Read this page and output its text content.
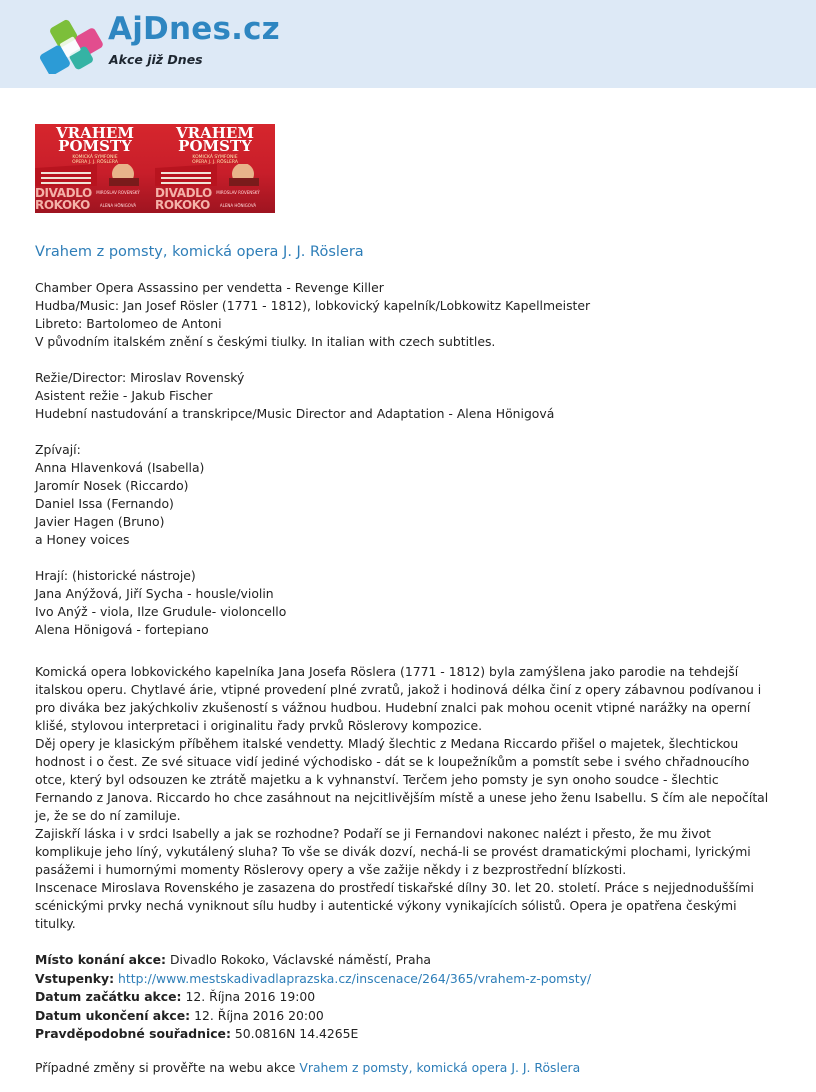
AjDnes.cz
Akce již Dnes
VRAHEM
POMSTY
KOMICKÁ SYMFONIE
OPERA J. J. RÖSLERA
DIVADLO
ROKOKO
MIROSLAV ROVENSKÝ
ALENA HÖNIGOVÁ
VRAHEM
POMSTY
KOMICKÁ SYMFONIE
OPERA J. J. RÖSLERA
DIVADLO
ROKOKO
MIROSLAV ROVENSKÝ
ALENA HÖNIGOVÁ
Vrahem z pomsty, komická opera J. J. Röslera
Chamber Opera Assassino per vendetta - Revenge Killer
Hudba/Music: Jan Josef Rösler (1771 - 1812), lobkovický kapelník/Lobkowitz Kapellmeister
Libreto: Bartolomeo de Antoni
V původním italském znění s českými tiulky. In italian with czech subtitles.
Režie/Director: Miroslav Rovenský
Asistent režie - Jakub Fischer
Hudební nastudování a transkripce/Music Director and Adaptation - Alena Hönigová
Zpívají:
Anna Hlavenková (Isabella)
Jaromír Nosek (Riccardo)
Daniel Issa (Fernando)
Javier Hagen (Bruno)
a Honey voices
Hrají: (historické nástroje)
Jana Anýžová, Jiří Sycha - housle/violin
Ivo Anýž - viola, Ilze Grudule- violoncello
Alena Hönigová - fortepiano

Komická opera lobkovického kapelníka Jana Josefa Röslera (1771 - 1812) byla zamýšlena jako parodie na tehdejší italskou operu. Chytlavé árie, vtipné provedení plné zvratů, jakož i hodinová délka činí z opery zábavnou podívanou i pro diváka bez jakýchkoliv zkušeností s vážnou hudbou. Hudební znalci pak mohou ocenit vtipné narážky na operní klišé, stylovou interpretaci i originalitu řady prvků Röslerovy kompozice.

Děj opery je klasickým příběhem italské vendetty. Mladý šlechtic z Medana Riccardo přišel o majetek, šlechtickou hodnost i o čest. Ze své situace vidí jediné východisko - dát se k loupežníkům a pomstít sebe i svého chřadnoucího otce, který byl odsouzen ke ztrátě majetku a k vyhnanství. Terčem jeho pomsty je syn onoho soudce - šlechtic Fernando z Janova. Riccardo ho chce zasáhnout na nejcitlivějším místě a unese jeho ženu Isabellu. S čím ale nepočítal je, že se do ní zamiluje.

Zajiskří láska i v srdci Isabelly a jak se rozhodne? Podaří se ji Fernandovi nakonec nalézt i přesto, že mu život komplikuje jeho líný, vykutálený sluha? To vše se divák dozví, nechá-li se provést dramatickými plochami, lyrickými pasážemi i humornými momenty Röslerovy opery a vše zažije někdy i z bezprostřední blízkosti.

Inscenace Miroslava Rovenského je zasazena do prostředí tiskařské dílny 30. let 20. století. Práce s nejjednoduššími scénickými prvky nechá vyniknout sílu hudby i autentické výkony vynikajících sólistů. Opera je opatřena českými titulky.

Místo konání akce: Divadlo Rokoko, Václavské náměstí, Praha
Vstupenky: http://www.mestskadivadlaprazska.cz/inscenace/264/365/vrahem-z-pomsty/
Datum začátku akce: 12. Října 2016 19:00
Datum ukončení akce: 12. Října 2016 20:00
Pravděpodobné souřadnice: 50.0816N 14.4265E
Případné změny si prověřte na webu akce Vrahem z pomsty, komická opera J. J. Röslera
